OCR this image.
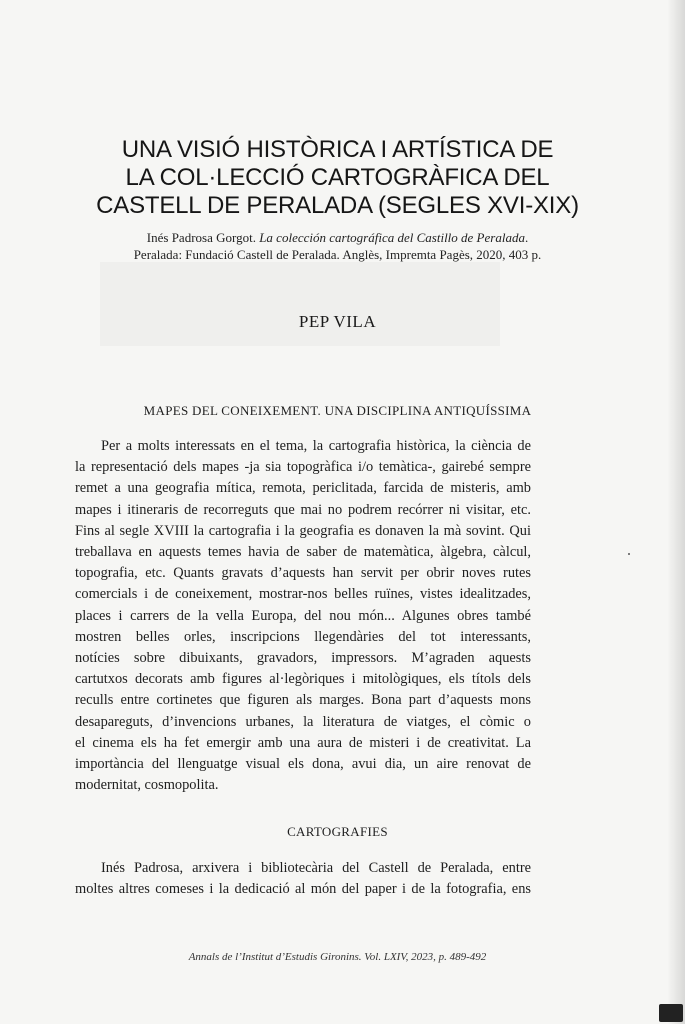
UNA VISIÓ HISTÒRICA I ARTÍSTICA DE
LA COL·LECCIÓ CARTOGRÀFICA DEL
CASTELL DE PERALADA (SEGLES XVI-XIX)
Inés Padrosa Gorgot. La colección cartográfica del Castillo de Peralada.
Peralada: Fundació Castell de Peralada. Anglès, Impremta Pagès, 2020, 403 p.
PEP VILA
MAPES DEL CONEIXEMENT. UNA DISCIPLINA ANTIQUÍSSIMA
Per a molts interessats en el tema, la cartografia històrica, la ciència de
la representació dels mapes -ja sia topogràfica i/o temàtica-, gairebé sempre
remet a una geografia mítica, remota, periclitada, farcida de misteris, amb
mapes i itineraris de recorreguts que mai no podrem recórrer ni visitar, etc.
Fins al segle XVIII la cartografia i la geografia es donaven la mà sovint. Qui
treballava en aquests temes havia de saber de matemàtica, àlgebra, càlcul,
topografia, etc. Quants gravats d’aquests han servit per obrir noves rutes
comercials i de coneixement, mostrar-nos belles ruïnes, vistes idealitzades,
places i carrers de la vella Europa, del nou món... Algunes obres també
mostren belles orles, inscripcions llegendàries del tot interessants,
notícies sobre dibuixants, gravadors, impressors. M’agraden aquests
cartutxos decorats amb figures al·legòriques i mitològiques, els títols dels
reculls entre cortinetes que figuren als marges. Bona part d’aquests mons
desapareguts, d’invencions urbanes, la literatura de viatges, el còmic o
el cinema els ha fet emergir amb una aura de misteri i de creativitat. La
importància del llenguatge visual els dona, avui dia, un aire renovat de
modernitat, cosmopolita.
CARTOGRAFIES
Inés Padrosa, arxivera i bibliotecària del Castell de Peralada, entre
moltes altres comeses i la dedicació al món del paper i de la fotografia, ens
Annals de l’Institut d’Estudis Gironins. Vol. LXIV, 2023, p. 489-492
